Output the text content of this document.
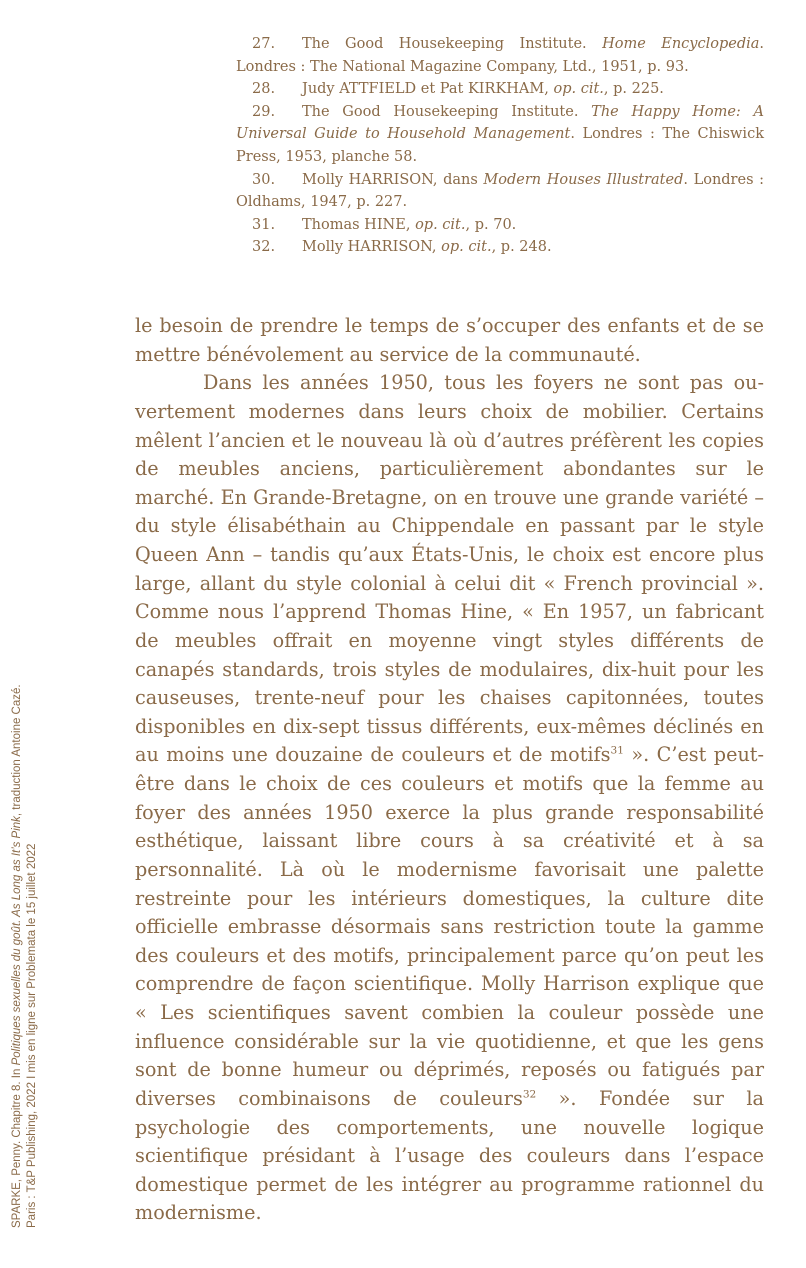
27. The Good Housekeeping Institute. Home Encyclopedia. Londres : The National Magazine Company, Ltd., 1951, p. 93.

28. Judy ATTFIELD et Pat KIRKHAM, op. cit., p. 225.

29. The Good Housekeeping Institute. The Happy Home: A Universal Guide to Household Management. Londres : The Chiswick Press, 1953, planche 58.

30. Molly HARRISON, dans Modern Houses Illustrated. Londres : Oldhams, 1947, p. 227.

31. Thomas HINE, op. cit., p. 70.

32. Molly HARRISON, op. cit., p. 248.

le besoin de prendre le temps de s’occuper des enfants et de se mettre bénévolement au service de la communauté.

Dans les années 1950, tous les foyers ne sont pas ouvertement modernes dans leurs choix de mobilier. Certains mêlent l’ancien et le nouveau là où d’autres préfèrent les copies de meubles anciens, particulièrement abondantes sur le marché. En Grande-Bretagne, on en trouve une grande variété – du style élisabéthain au Chippendale en passant par le style Queen Ann – tandis qu’aux États-Unis, le choix est encore plus large, allant du style colonial à celui dit « French provincial ». Comme nous l’apprend Thomas Hine, « En 1957, un fabricant de meubles offrait en moyenne vingt styles différents de canapés standards, trois styles de modulaires, dix-huit pour les causeuses, trente-neuf pour les chaises capitonnées, toutes disponibles en dix-sept tissus différents, eux-mêmes déclinés en au moins une douzaine de couleurs et de motifs$^{31}$ ». C’est peut-être dans le choix de ces couleurs et motifs que la femme au foyer des années 1950 exerce la plus grande responsabilité esthétique, laissant libre cours à sa créativité et à sa personnalité. Là où le modernisme favorisait une palette restreinte pour les intérieurs domestiques, la culture dite officielle embrasse désormais sans restriction toute la gamme des couleurs et des motifs, principalement parce qu’on peut les comprendre de façon scientifique. Molly Harrison explique que « Les scientifiques savent combien la couleur possède une influence considérable sur la vie quotidienne, et que les gens sont de bonne humeur ou déprimés, reposés ou fatigués par diverses combinaisons de couleurs$^{32}$ ». Fondée sur la psychologie des comportements, une nouvelle logique scientifique présidant à l’usage des couleurs dans l’espace domestique permet de les intégrer au programme rationnel du modernisme.

SPARKE, Penny. Chapitre 8. In Politiques sexuelles du goût. As Long as It’s Pink, traduction Antoine Cazé.
Paris : T&P Publishing, 2022 I mis en ligne sur Problemata le 15 juillet 2022
